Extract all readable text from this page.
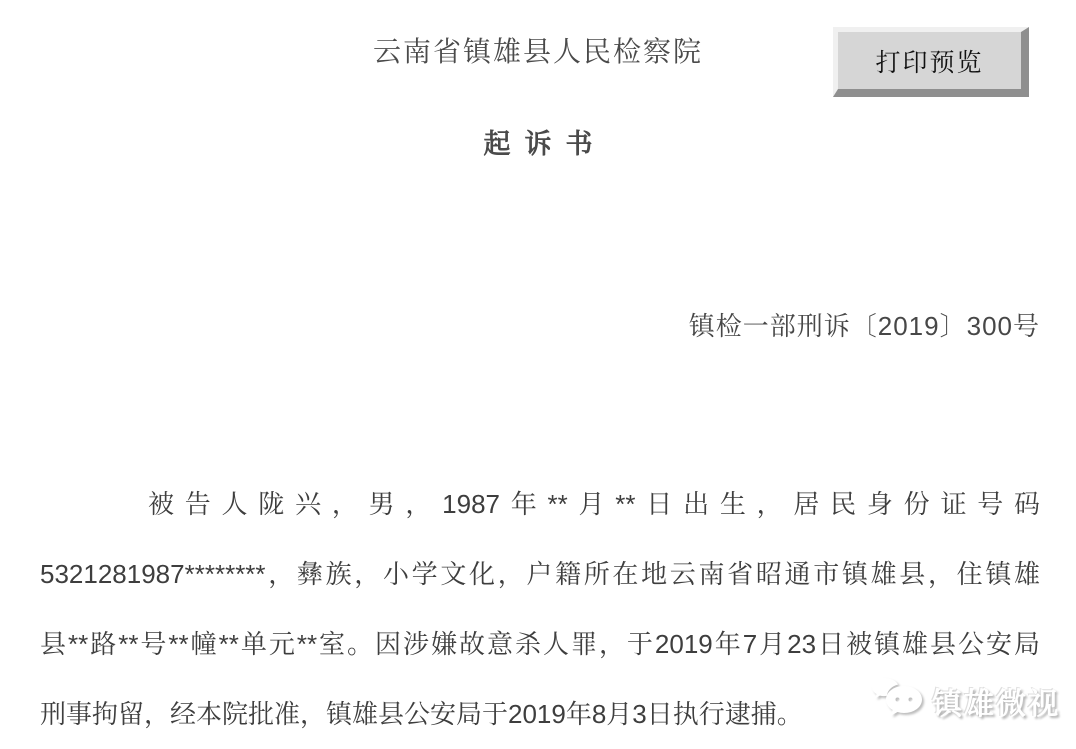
云南省镇雄县人民检察院	打印预览
起诉书
镇检一部刑诉〔2019〕300号
被告人陇兴，男，1987年**月**日出生，居民身份证号码
5321281987********，彝族，小学文化，户籍所在地云南省昭通市镇雄县，住镇雄
县**路**号**幢**单元**室。因涉嫌故意杀人罪，于2019年7月23日被镇雄县公安局
刑事拘留，经本院批准，镇雄县公安局于2019年8月3日执行逮捕。	镇雄微视
